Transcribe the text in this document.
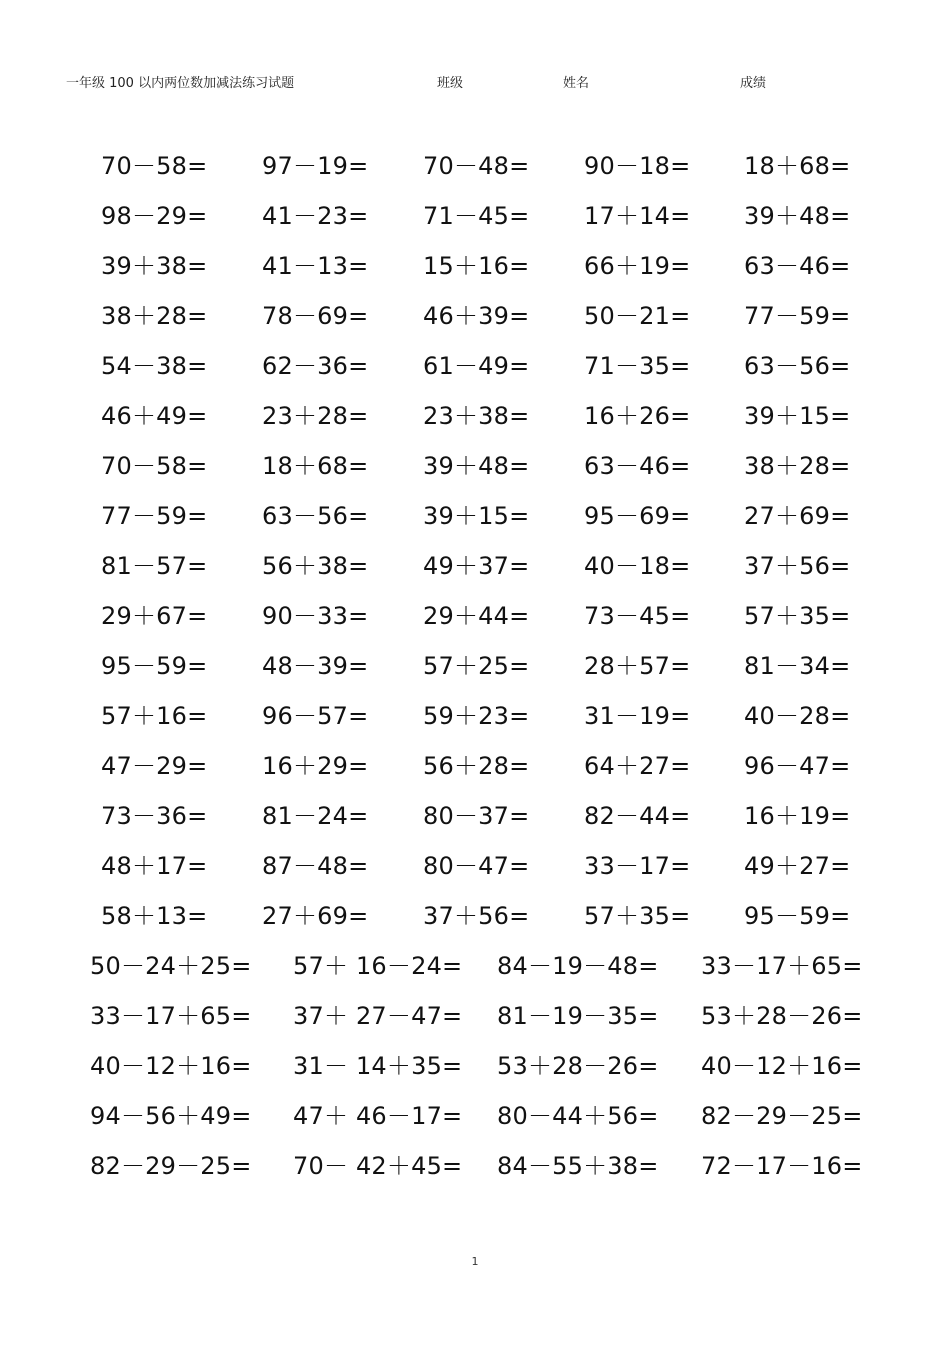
一年级 100 以内两位数加减法练习试题	班级	姓名	成绩
70－58= 97－19= 70－48= 90－18= 18＋68=
98－29= 41－23= 71－45= 17＋14= 39＋48=
39＋38= 41－13= 15＋16= 66＋19= 63－46=
38＋28= 78－69= 46＋39= 50－21= 77－59=
54－38= 62－36= 61－49= 71－35= 63－56=
46＋49= 23＋28= 23＋38= 16＋26= 39＋15=
70－58= 18＋68= 39＋48= 63－46= 38＋28=
77－59= 63－56= 39＋15= 95－69= 27＋69=
81－57= 56＋38= 49＋37= 40－18= 37＋56=
29＋67= 90－33= 29＋44= 73－45= 57＋35=
95－59= 48－39= 57＋25= 28＋57= 81－34=
57＋16= 96－57= 59＋23= 31－19= 40－28=
47－29= 16＋29= 56＋28= 64＋27= 96－47=
73－36= 81－24= 80－37= 82－44= 16＋19=
48＋17= 87－48= 80－47= 33－17= 49＋27=
58＋13= 27＋69= 37＋56= 57＋35= 95－59=
50－24＋25= 57＋ 16－24= 84－19－48= 33－17＋65=
33－17＋65= 37＋ 27－47= 81－19－35= 53＋28－26=
40－12＋16= 31－ 14＋35= 53＋28－26= 40－12＋16=
94－56＋49= 47＋ 46－17= 80－44＋56= 82－29－25=
82－29－25= 70－ 42＋45= 84－55＋38= 72－17－16=
1
